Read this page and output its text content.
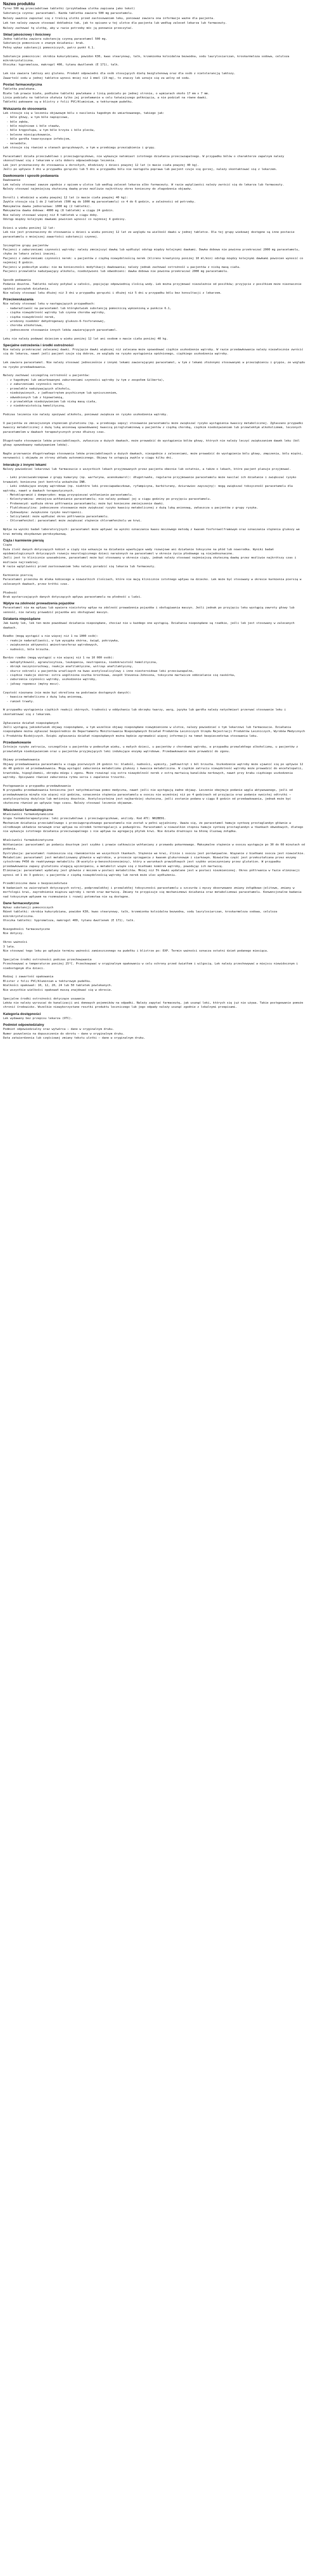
Nazwa produktu

Tyrez 500 mg przeciwbólowe tabletki (przykładowa ulotka zapisana jako tekst)

Substancja czynna: paracetamol. Każda tabletka zawiera 500 mg paracetamolu.

Należy uważnie zapoznać się z treścią ulotki przed zastosowaniem leku, ponieważ zawiera ona informacje ważne dla pacjenta.

Lek ten należy zawsze stosować dokładnie tak, jak to opisano w tej ulotce dla pacjenta lub według zaleceń lekarza lub farmaceuty.

Należy zachować tę ulotkę, aby w razie potrzeby móc ją ponownie przeczytać.

Skład jakościowy i ilościowy
Jedna tabletka zawiera substancję czynną paracetamol 500 mg.
Substancje pomocnicze o znanym działaniu: brak.
Pełny wykaz substancji pomocniczych, patrz punkt 6.1.

Substancje pomocnicze: skrobia kukurydziana, powidon K30, kwas stearynowy, talk, krzemionka koloidalna bezwodna, sodu laurylosiarczan, kroskarmeloza sodowa, celuloza mikrokrystaliczna.
Otoczka: hypromeloza, makrogol 400, tytanu dwutlenek (E 171), talk.

Lek nie zawiera laktozy ani glutenu. Produkt odpowiedni dla osób stosujących dietę bezglutenową oraz dla osób z nietolerancją laktozy.
Zawartość sodu w jednej tabletce wynosi mniej niż 1 mmol (23 mg), to znaczy lek uznaje się za wolny od sodu.
Postać farmaceutyczna
Tabletka powlekana.
Białe lub prawie białe, podłużne tabletki powlekane z linią podziału po jednej stronie, o wymiarach około 17 mm x 7 mm.
Linia podziału na tabletce ułatwia tylko jej przełamanie w celu łatwiejszego połknięcia, a nie podział na równe dawki.
Tabletki pakowane są w blistry z folii PVC/Aluminium, w tekturowym pudełku.
Wskazania do stosowania
Lek stosuje się w leczeniu objawowym bólu o nasileniu łagodnym do umiarkowanego, takiego jak:
- bóle głowy, w tym bóle napięciowe,
- bóle zębów,
- bóle mięśniowe i bóle stawów,
- bóle kręgosłupa, w tym bóle krzyża i bóle pleców,
- bolesne miesiączkowanie,
- bóle gardła towarzyszące infekcjom,
- nerwobóle.
Lek stosuje się również w stanach gorączkowych, w tym w przebiegu przeziębienia i grypy.

Paracetamol działa przeciwbólowo i przeciwgorączkowo, nie wykazuje natomiast istotnego działania przeciwzapalnego. W przypadku bólów o charakterze zapalnym należy skonsultować się z lekarzem w celu doboru odpowiedniego leczenia.
Lek jest przeznaczony do stosowania u dorosłych, młodzieży i dzieci powyżej 12 lat (o masie ciała powyżej 40 kg).
Jeśli po upływie 3 dni w przypadku gorączki lub 5 dni w przypadku bólu nie nastąpiła poprawa lub pacjent czuje się gorzej, należy skontaktować się z lekarzem.
Dawkowanie i sposób podawania
Dawkowanie
Lek należy stosować zawsze zgodnie z opisem w ulotce lub według zaleceń lekarza albo farmaceuty. W razie wątpliwości należy zwrócić się do lekarza lub farmaceuty.
Należy stosować najmniejszą skuteczną dawkę przez możliwie najkrótszy okres konieczny do złagodzenia objawów.

Dorośli i młodzież w wieku powyżej 12 lat (o masie ciała powyżej 40 kg):
Zwykle stosuje się 1 do 2 tabletek (500 mg do 1000 mg paracetamolu) co 4 do 6 godzin, w zależności od potrzeby.
Maksymalna dawka jednorazowa: 1000 mg (2 tabletki).
Maksymalna dawka dobowa: 4000 mg (8 tabletek) w ciągu 24 godzin.
Nie należy stosować więcej niż 8 tabletek w ciągu doby.
Odstęp między kolejnymi dawkami powinien wynosić co najmniej 4 godziny.

Dzieci w wieku poniżej 12 lat:
Lek nie jest przeznaczony do stosowania u dzieci w wieku poniżej 12 lat ze względu na wielkość dawki w jednej tabletce. Dla tej grupy wiekowej dostępne są inne postacie paracetamolu o mniejszej zawartości substancji czynnej.

Szczególne grupy pacjentów
Pacjenci z zaburzeniami czynności wątroby: należy zmniejszyć dawkę lub wydłużyć odstęp między kolejnymi dawkami. Dawka dobowa nie powinna przekraczać 2000 mg paracetamolu, chyba że lekarz zaleci inaczej.
Pacjenci z zaburzeniami czynności nerek: u pacjentów z ciężką niewydolnością nerek (klirens kreatyniny poniżej 10 ml/min) odstęp między kolejnymi dawkami powinien wynosić co najmniej 8 godzin.
Pacjenci w podeszłym wieku: nie ma konieczności modyfikacji dawkowania; należy jednak zachować ostrożność u pacjentów z niską masą ciała.
Pacjenci przewlekle nadużywający alkoholu, niedożywieni lub odwodnieni: dawka dobowa nie powinna przekraczać 2000 mg paracetamolu.

Sposób podawania
Podanie doustne. Tabletki należy połykać w całości, popijając odpowiednią ilością wody. Lek można przyjmować niezależnie od posiłków; przyjęcie z posiłkiem może nieznacznie opóźnić początek działania.
Nie należy stosować leku dłużej niż 3 dni w przypadku gorączki i dłużej niż 5 dni w przypadku bólu bez konsultacji z lekarzem.
Przeciwwskazania
Nie należy stosować leku w następujących przypadkach:
- nadwrażliwość na paracetamol lub którąkolwiek substancję pomocniczą wymienioną w punkcie 6.1,
- ciężka niewydolność wątroby lub czynna choroba wątroby,
- ciężka niewydolność nerek,
- wrodzony niedobór dehydrogenazy glukozo-6-fosforanowej,
- choroba alkoholowa,
- jednoczesne stosowanie innych leków zawierających paracetamol.

Leku nie należy podawać dzieciom w wieku poniżej 12 lat ani osobom o masie ciała poniżej 40 kg.
Specjalne ostrzeżenia i środki ostrożności
Nie należy przekraczać zalecanej dawki. Przyjęcie dawki większej niż zalecana może spowodować ciężkie uszkodzenie wątroby. W razie przedawkowania należy niezwłocznie zwrócić się do lekarza, nawet jeśli pacjent czuje się dobrze, ze względu na ryzyko wystąpienia opóźnionego, ciężkiego uszkodzenia wątroby.

Lek zawiera paracetamol. Nie należy stosować jednocześnie z innymi lekami zawierającymi paracetamol, w tym z lekami złożonymi stosowanymi w przeziębieniu i grypie, ze względu na ryzyko przedawkowania.

Należy zachować szczególną ostrożność u pacjentów:
- z łagodnymi lub umiarkowanymi zaburzeniami czynności wątroby (w tym z zespołem Gilberta),
- z zaburzeniami czynności nerek,
- przewlekle nadużywających alkoholu,
- niedożywionych, z jadłowstrętem psychicznym lub wyniszczeniem,
- odwodnionych lub z hipowolemią,
- z przewlekłym niedożywieniem lub niską masą ciała,
- z niedokrwistością hemolityczną.

Podczas leczenia nie należy spożywać alkoholu, ponieważ zwiększa on ryzyko uszkodzenia wątroby.

U pacjentów ze zmniejszonym stężeniem glutationu (np. w przebiegu sepsy) stosowanie paracetamolu może zwiększać ryzyko wystąpienia kwasicy metabolicznej. Zgłaszano przypadki kwasicy metabolicznej z dużą luką anionową spowodowanej kwasicą piroglutaminową u pacjentów z ciężką chorobą, ciężkim niedożywieniem lub przewlekłym alkoholizmem, leczonych paracetamolem w dawkach terapeutycznych przez dłuższy czas.

Długotrwałe stosowanie leków przeciwbólowych, zwłaszcza w dużych dawkach, może prowadzić do wystąpienia bólów głowy, których nie należy leczyć zwiększaniem dawek leku (ból głowy spowodowany nadużywaniem leków).

Nagłe przerwanie długotrwałego stosowania leków przeciwbólowych w dużych dawkach, niezgodnie z zaleceniami, może prowadzić do wystąpienia bólu głowy, zmęczenia, bólu mięśni, nerwowości i objawów ze strony układu autonomicznego. Objawy te ustępują zwykle w ciągu kilku dni.
Interakcje z innymi lekami
Należy powiedzieć lekarzowi lub farmaceucie o wszystkich lekach przyjmowanych przez pacjenta obecnie lub ostatnio, a także o lekach, które pacjent planuje przyjmować.

- Leki przeciwzakrzepowe z grupy kumaryny (np. warfaryna, acenokumarol): długotrwałe, regularne przyjmowanie paracetamolu może nasilać ich działanie i zwiększać ryzyko krwawień; konieczna jest kontrola wskaźnika INR.
- Leki indukujące enzymy wątrobowe (np. niektóre leki przeciwpadaczkowe, ryfampicyna, barbiturany, dziurawiec zwyczajny): mogą zwiększać toksyczność paracetamolu dla wątroby, nawet w dawkach terapeutycznych.
- Metoklopramid i domperydon: mogą przyspieszać wchłanianie paracetamolu.
- Kolestyramina: zmniejsza wchłanianie paracetamolu; nie należy podawać jej w ciągu godziny po przyjęciu paracetamolu.
- Probenecyd: wydłuża okres półtrwania paracetamolu; może być konieczne zmniejszenie dawki.
- Flukloksacylina: jednoczesne stosowanie może zwiększać ryzyko kwasicy metabolicznej z dużą luką anionową, zwłaszcza u pacjentów z grupy ryzyka.
- Zydowudyna: zwiększone ryzyko neutropenii.
- Salicylamid: może wydłużać okres półtrwania paracetamolu.
- Chloramfenikol: paracetamol może zwiększać stężenie chloramfenikolu we krwi.

Wpływ na wyniki badań laboratoryjnych: paracetamol może wpływać na wyniki oznaczania kwasu moczowego metodą z kwasem fosforowolframowym oraz oznaczania stężenia glukozy we krwi metodą oksydazowo-peroksydazową.
Ciąża i karmienie piersią
Ciąża
Duża ilość danych dotyczących kobiet w ciąży nie wskazuje na działanie wywołujące wady rozwojowe ani działanie toksyczne na płód lub noworodka. Wyniki badań epidemiologicznych dotyczących rozwoju neurologicznego dzieci narażonych na paracetamol w okresie życia płodowego są niejednoznaczne.
Jeśli jest to klinicznie uzasadnione, paracetamol może być stosowany w okresie ciąży, jednak należy stosować najmniejszą skuteczną dawkę przez możliwie najkrótszy czas i możliwie najrzadziej.
W razie wątpliwości przed zastosowaniem leku należy poradzić się lekarza lub farmaceuty.

Karmienie piersią
Paracetamol przenika do mleka kobiecego w niewielkich ilościach, które nie mają klinicznie istotnego wpływu na dziecko. Lek może być stosowany w okresie karmienia piersią w zalecanych dawkach, przez krótki czas.

Płodność
Brak wystarczających danych dotyczących wpływu paracetamolu na płodność u ludzi.
Wpływ na zdolność prowadzenia pojazdów
Paracetamol nie ma wpływu lub wywiera nieistotny wpływ na zdolność prowadzenia pojazdów i obsługiwania maszyn. Jeśli jednak po przyjęciu leku wystąpią zawroty głowy lub senność, nie należy prowadzić pojazdów ani obsługiwać maszyn.
Działania niepożądane
Jak każdy lek, lek ten może powodować działania niepożądane, chociaż nie u każdego one wystąpią. Działania niepożądane są rzadkie, jeśli lek jest stosowany w zalecanych dawkach.

Rzadko (mogą wystąpić u nie więcej niż 1 na 1000 osób):
- reakcje nadwrażliwości, w tym wysypka skórna, świąd, pokrzywka,
- zwiększenie aktywności aminotransferaz wątrobowych,
- nudności, bóle brzucha.

Bardzo rzadko (mogą wystąpić u nie więcej niż 1 na 10 000 osób):
- małopłytkowość, agranulocytoza, leukopenia, neutropenia, niedokrwistość hemolityczna,
- obrzęk naczynioruchowy, reakcje anafilaktyczne, wstrząs anafilaktyczny,
- skurcz oskrzeli u pacjentów wrażliwych na kwas acetylosalicylowy i inne niesteroidowe leki przeciwzapalne,
- ciężkie reakcje skórne: ostra uogólniona osutka krostkowa, zespół Stevensa-Johnsona, toksyczne martwicze oddzielanie się naskórka,
- zaburzenia czynności wątroby, uszkodzenie wątroby,
- jałowy ropomocz (mętny mocz).

Częstość nieznana (nie może być określona na podstawie dostępnych danych):
- kwasica metaboliczna z dużą luką anionową,
- rumień trwały.

W przypadku wystąpienia ciężkich reakcji skórnych, trudności w oddychaniu lub obrzęku twarzy, warg, języka lub gardła należy natychmiast przerwać stosowanie leku i skontaktować się z lekarzem.

Zgłaszanie działań niepożądanych
Jeśli wystąpią jakiekolwiek objawy niepożądane, w tym wszelkie objawy niepożądane niewymienione w ulotce, należy powiedzieć o tym lekarzowi lub farmaceucie. Działania niepożądane można zgłaszać bezpośrednio do Departamentu Monitorowania Niepożądanych Działań Produktów Leczniczych Urzędu Rejestracji Produktów Leczniczych, Wyrobów Medycznych i Produktów Biobójczych. Dzięki zgłaszaniu działań niepożądanych można będzie zgromadzić więcej informacji na temat bezpieczeństwa stosowania leku.
Przedawkowanie
Istnieje ryzyko zatrucia, szczególnie u pacjentów w podeszłym wieku, u małych dzieci, u pacjentów z chorobami wątroby, w przypadku przewlekłego alkoholizmu, u pacjentów z przewlekłym niedożywieniem oraz u pacjentów przyjmujących leki indukujące enzymy wątrobowe. Przedawkowanie może prowadzić do zgonu.

Objawy przedawkowania
Objawy przedawkowania paracetamolu w ciągu pierwszych 24 godzin to: bladość, nudności, wymioty, jadłowstręt i ból brzucha. Uszkodzenie wątroby może ujawnić się po upływie 12 do 48 godzin od przedawkowania. Mogą wystąpić zaburzenia metabolizmu glukozy i kwasica metaboliczna. W ciężkim zatruciu niewydolność wątroby może prowadzić do encefalopatii, krwotoków, hipoglikemii, obrzęku mózgu i zgonu. Może rozwinąć się ostra niewydolność nerek z ostrą martwicą kanalików nerkowych, nawet przy braku ciężkiego uszkodzenia wątroby. Opisywano również zaburzenia rytmu serca i zapalenie trzustki.

Postępowanie w przypadku przedawkowania
W przypadku przedawkowania konieczna jest natychmiastowa pomoc medyczna, nawet jeśli nie występują żadne objawy. Leczenie obejmuje podanie węgla aktywowanego, jeśli od przedawkowania minęła nie więcej niż godzina, oznaczenie stężenia paracetamolu w osoczu nie wcześniej niż po 4 godzinach od przyjęcia oraz podanie swoistej odtrutki — acetylocysteiny dożylnie lub metioniny doustnie. Acetylocysteina jest najbardziej skuteczna, jeśli zostanie podana w ciągu 8 godzin od przedawkowania, jednak może być skuteczna również po upływie tego czasu. Należy stosować leczenie objawowe.
Właściwości farmakologiczne
Właściwości farmakodynamiczne
Grupa farmakoterapeutyczna: leki przeciwbólowe i przeciwgorączkowe, anilidy. Kod ATC: N02BE01.
Mechanizm działania przeciwbólowego i przeciwgorączkowego paracetamolu nie został w pełni wyjaśniony. Uważa się, że paracetamol hamuje syntezę prostaglandyn głównie w ośrodkowym układzie nerwowym oraz wpływa na ośrodek termoregulacji w podwzgórzu. Paracetamol w niewielkim stopniu hamuje syntezę prostaglandyn w tkankach obwodowych, dlatego nie wykazuje istotnego działania przeciwzapalnego i nie wpływa na agregację płytek krwi. Nie działa drażniąco na błonę śluzową żołądka.

Właściwości farmakokinetyczne
Wchłanianie: paracetamol po podaniu doustnym jest szybko i prawie całkowicie wchłaniany z przewodu pokarmowego. Maksymalne stężenie w osoczu występuje po 30 do 60 minutach od podania.
Dystrybucja: paracetamol rozmieszcza się równomiernie we wszystkich tkankach. Stężenie we krwi, ślinie i osoczu jest porównywalne. Wiązanie z białkami osocza jest niewielkie.
Metabolizm: paracetamol jest metabolizowany głównie w wątrobie, w procesie sprzęgania z kwasem glukuronowym i siarkowym. Niewielka część jest przekształcana przez enzymy cytochromu P450 do reaktywnego metabolitu (N-acetylo-p-benzochinonoiminy), który w warunkach prawidłowych jest szybko unieczynniany przez glutation. W przypadku przedawkowania zapasy glutationu ulegają wyczerpaniu, a metabolit wiąże się z białkami komórek wątroby, powodując ich martwicę.
Eliminacja: paracetamol wydalany jest głównie z moczem w postaci metabolitów. Mniej niż 5% dawki wydalane jest w postaci niezmienionej. Okres półtrwania w fazie eliminacji wynosi od 1 do 3 godzin; u pacjentów z ciężką niewydolnością wątroby lub nerek może ulec wydłużeniu.

Przedkliniczne dane o bezpieczeństwie
W badaniach na zwierzętach dotyczących ostrej, podprzewlekłej i przewlekłej toksyczności paracetamolu u szczurów i myszy obserwowano zmiany żołądkowo-jelitowe, zmiany w morfologii krwi, zwyrodnienie miąższu wątroby i nerek oraz martwicę. Zmiany te przypisuje się mechanizmowi działania oraz metabolizmowi paracetamolu. Konwencjonalne badania nad toksycznym wpływem na rozmnażanie i rozwój potomstwa nie są dostępne.
Dane farmaceutyczne
Wykaz substancji pomocniczych
Rdzeń tabletki: skrobia kukurydziana, powidon K30, kwas stearynowy, talk, krzemionka koloidalna bezwodna, sodu laurylosiarczan, kroskarmeloza sodowa, celuloza mikrokrystaliczna.
Otoczka tabletki: hypromeloza, makrogol 400, tytanu dwutlenek (E 171), talk.

Niezgodności farmaceutyczne
Nie dotyczy.

Okres ważności
3 lata.
Nie stosować tego leku po upływie terminu ważności zamieszczonego na pudełku i blistrze po: EXP. Termin ważności oznacza ostatni dzień podanego miesiąca.

Specjalne środki ostrożności podczas przechowywania
Przechowywać w temperaturze poniżej 25°C. Przechowywać w oryginalnym opakowaniu w celu ochrony przed światłem i wilgocią. Lek należy przechowywać w miejscu niewidocznym i niedostępnym dla dzieci.

Rodzaj i zawartość opakowania
Blister z folii PVC/Aluminium w tekturowym pudełku.
Wielkości opakowań: 10, 12, 20, 24 lub 50 tabletek powlekanych.
Nie wszystkie wielkości opakowań muszą znajdować się w obrocie.

Specjalne środki ostrożności dotyczące usuwania
Leków nie należy wyrzucać do kanalizacji ani domowych pojemników na odpadki. Należy zapytać farmaceutę, jak usunąć leki, których się już nie używa. Takie postępowanie pomoże chronić środowisko. Wszelkie niewykorzystane resztki produktu leczniczego lub jego odpady należy usunąć zgodnie z lokalnymi przepisami.
Kategoria dostępności
Lek wydawany bez przepisu lekarza (OTC).
Podmiot odpowiedzialny
Podmiot odpowiedzialny oraz wytwórca — dane w oryginalnym druku.
Numer pozwolenia na dopuszczenie do obrotu — dane w oryginalnym druku.
Data zatwierdzenia lub częściowej zmiany tekstu ulotki — dane w oryginalnym druku.
